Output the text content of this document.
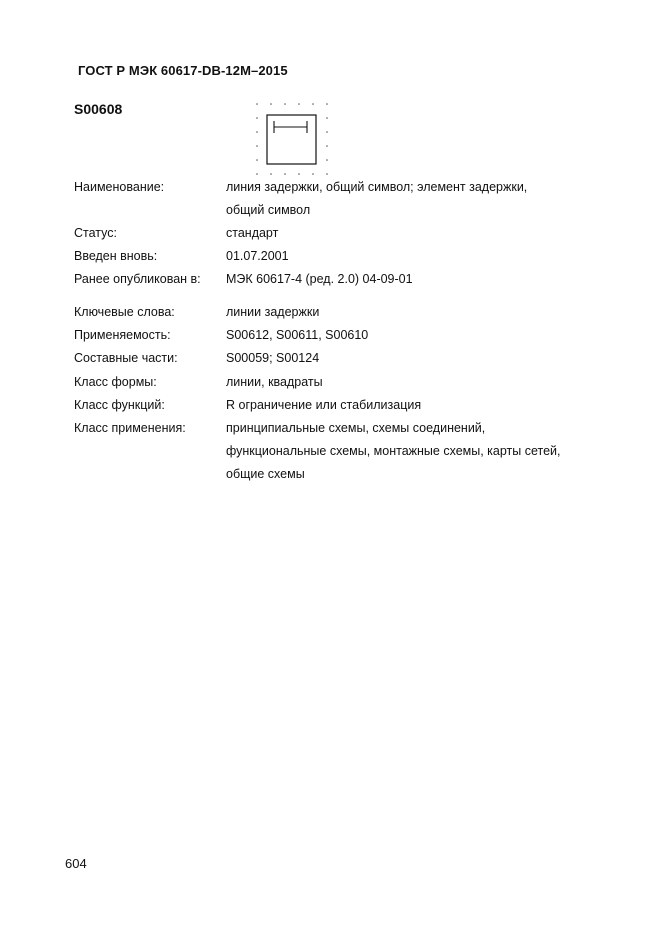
ГОСТ Р МЭК 60617-DB-12M–2015
S00608
Наименование:	линия задержки, общий символ; элемент задержки, общий символ
Статус:	стандарт
Введен вновь:	01.07.2001
Ранее опубликован в:	МЭК 60617-4 (ред. 2.0) 04-09-01
Ключевые слова:	линии задержки
Применяемость:	S00612, S00611, S00610
Составные части:	S00059; S00124
Класс формы:	линии, квадраты
Класс функций:	R ограничение или стабилизация
Класс применения:	принципиальные схемы, схемы соединений, функциональные схемы, монтажные схемы, карты сетей, общие схемы
604
